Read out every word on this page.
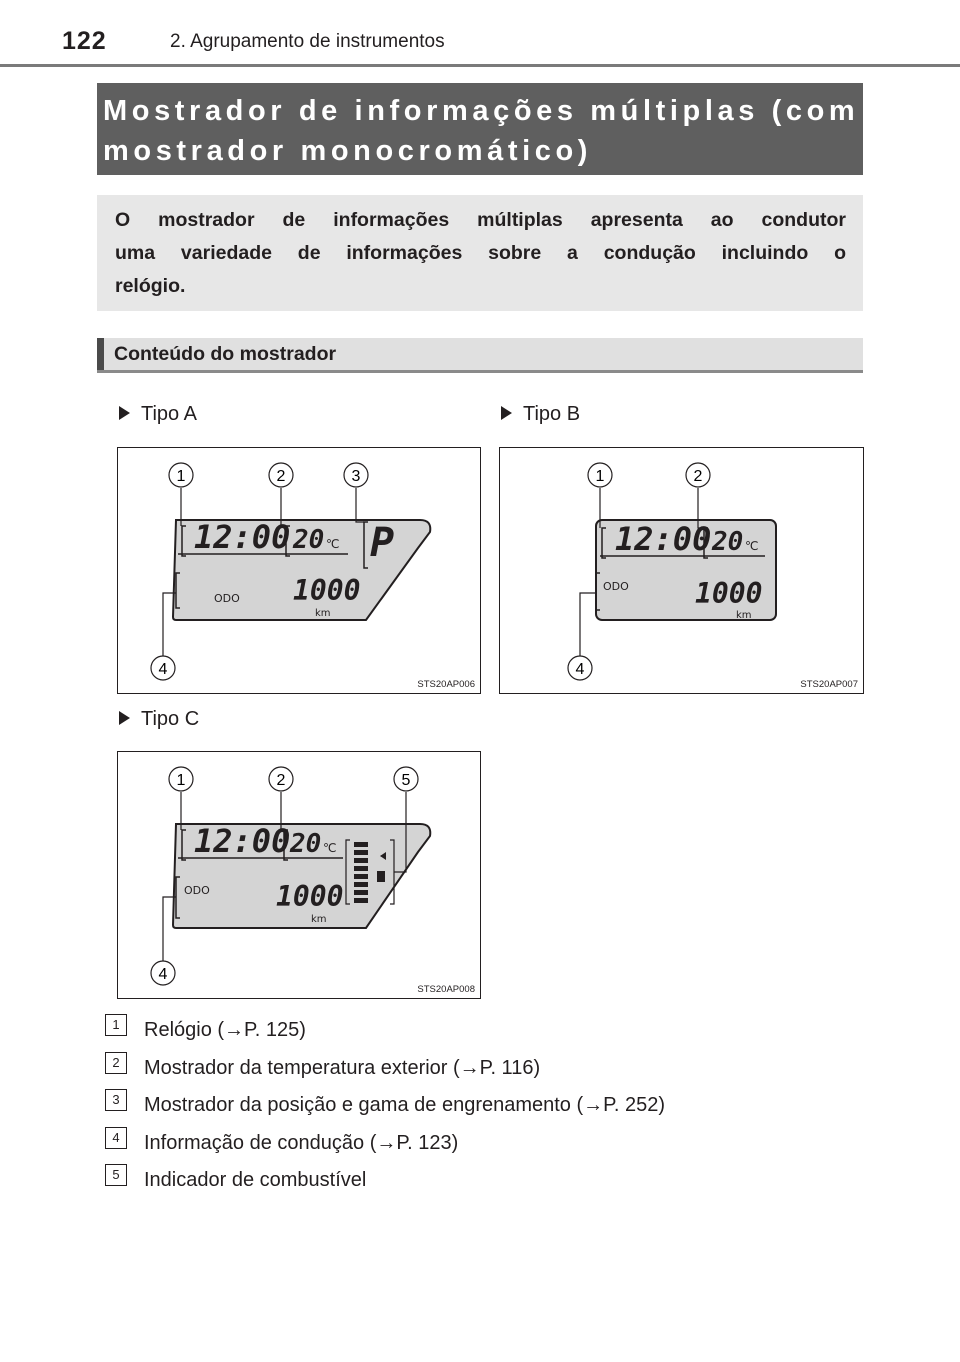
122	2. Agrupamento de instrumentos
Mostrador de informações múltiplas (com
mostrador monocromático)
O mostrador de informações múltiplas apresenta ao condutor
uma variedade de informações sobre a condução incluindo o
relógio.
Conteúdo do mostrador
Tipo A
12:00 20 ℃ P
ODO 1000
km
1	2	3
4
STS20AP006
Tipo B
12:00 20 ℃
ODO 1000
km
1	2
4
STS20AP007
Tipo C
12:00 20 ℃
ODO 1000
km
1	2	5
4
STS20AP008
1	Relógio (→P. 125)
2	Mostrador da temperatura exterior (→P. 116)
3	Mostrador da posição e gama de engrenamento (→P. 252)
4	Informação de condução (→P. 123)
5	Indicador de combustível
